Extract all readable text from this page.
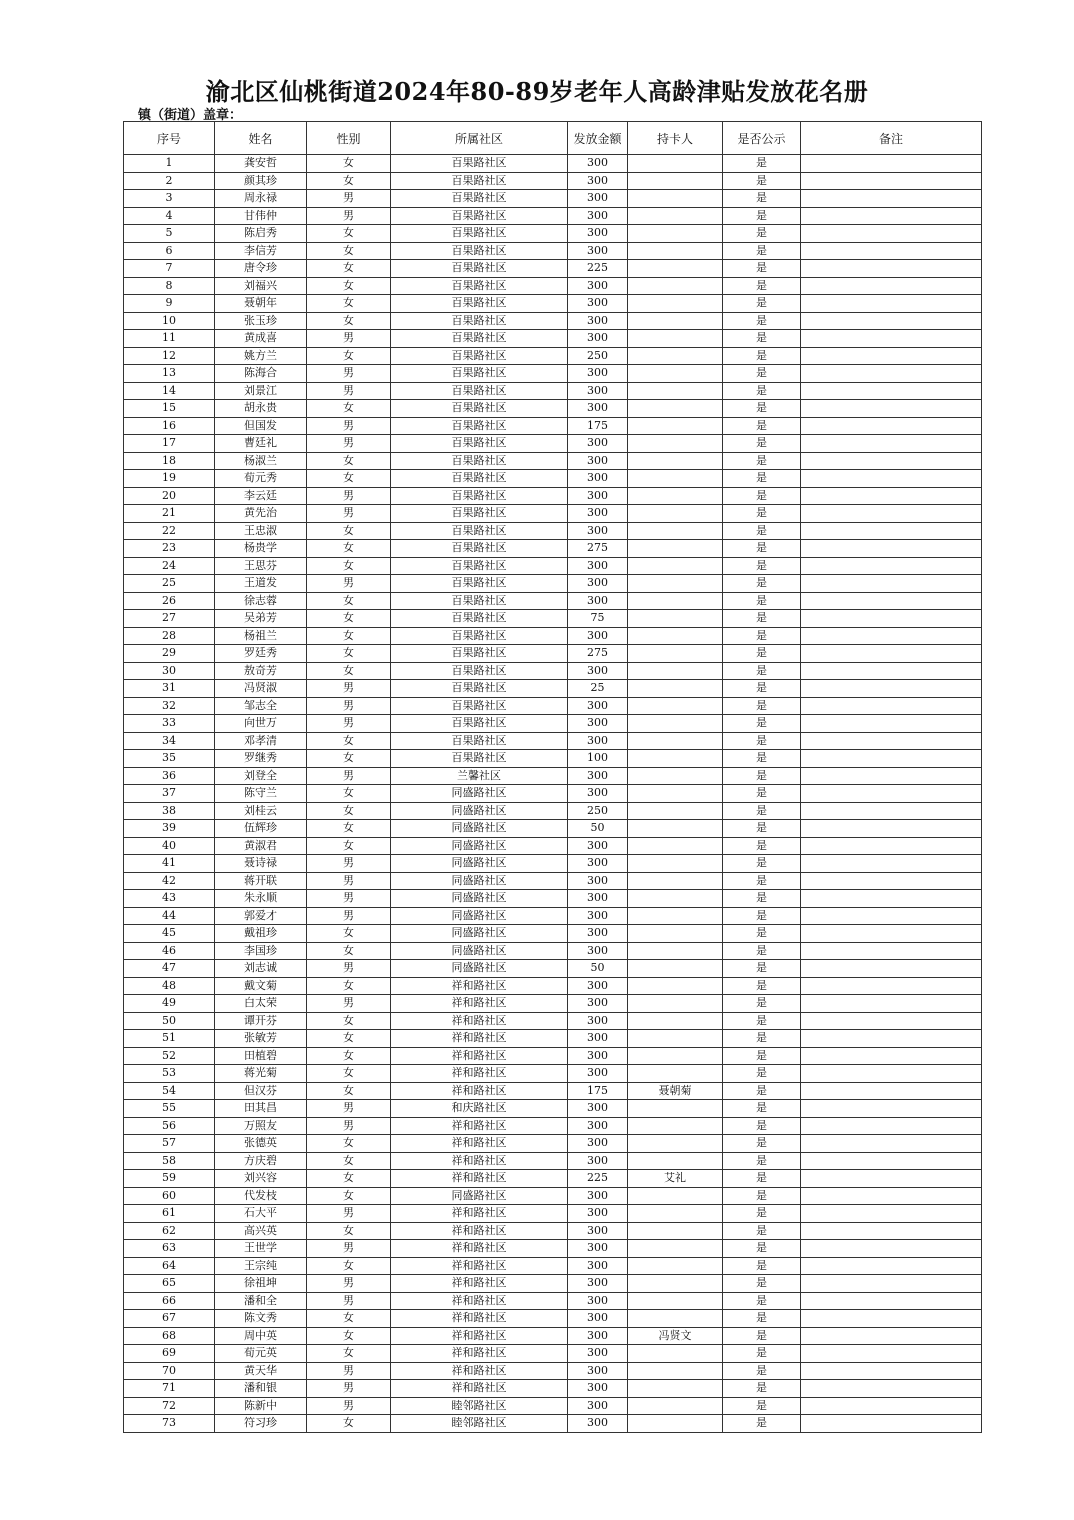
渝北区仙桃街道2024年80-89岁老年人高龄津贴发放花名册
镇（街道）盖章：
序号	姓名	性别	所属社区	发放金额	持卡人	是否公示	备注
1	龚安哲	女	百果路社区	300		是	
2	颜其珍	女	百果路社区	300		是	
3	周永禄	男	百果路社区	300		是	
4	甘伟仲	男	百果路社区	300		是	
5	陈启秀	女	百果路社区	300		是	
6	李信芳	女	百果路社区	300		是	
7	唐令珍	女	百果路社区	225		是	
8	刘福兴	女	百果路社区	300		是	
9	聂朝年	女	百果路社区	300		是	
10	张玉珍	女	百果路社区	300		是	
11	黄成喜	男	百果路社区	300		是	
12	姚方兰	女	百果路社区	250		是	
13	陈海合	男	百果路社区	300		是	
14	刘景江	男	百果路社区	300		是	
15	胡永贵	女	百果路社区	300		是	
16	但国发	男	百果路社区	175		是	
17	曹廷礼	男	百果路社区	300		是	
18	杨淑兰	女	百果路社区	300		是	
19	荀元秀	女	百果路社区	300		是	
20	李云廷	男	百果路社区	300		是	
21	黄先治	男	百果路社区	300		是	
22	王忠淑	女	百果路社区	300		是	
23	杨贵学	女	百果路社区	275		是	
24	王思芬	女	百果路社区	300		是	
25	王道发	男	百果路社区	300		是	
26	徐志蓉	女	百果路社区	300		是	
27	吴弟芳	女	百果路社区	75		是	
28	杨祖兰	女	百果路社区	300		是	
29	罗廷秀	女	百果路社区	275		是	
30	敖奇芳	女	百果路社区	300		是	
31	冯贤淑	男	百果路社区	25		是	
32	邹志全	男	百果路社区	300		是	
33	向世万	男	百果路社区	300		是	
34	邓孝清	女	百果路社区	300		是	
35	罗继秀	女	百果路社区	100		是	
36	刘登全	男	兰馨社区	300		是	
37	陈守兰	女	同盛路社区	300		是	
38	刘桂云	女	同盛路社区	250		是	
39	伍辉珍	女	同盛路社区	50		是	
40	黄淑君	女	同盛路社区	300		是	
41	聂诗禄	男	同盛路社区	300		是	
42	蒋开联	男	同盛路社区	300		是	
43	朱永顺	男	同盛路社区	300		是	
44	郭爱才	男	同盛路社区	300		是	
45	戴祖珍	女	同盛路社区	300		是	
46	李国珍	女	同盛路社区	300		是	
47	刘志诚	男	同盛路社区	50		是	
48	戴文菊	女	祥和路社区	300		是	
49	白太荣	男	祥和路社区	300		是	
50	谭开芬	女	祥和路社区	300		是	
51	张敏芳	女	祥和路社区	300		是	
52	田植碧	女	祥和路社区	300		是	
53	蒋光菊	女	祥和路社区	300		是	
54	但汉芬	女	祥和路社区	175	聂朝菊	是	
55	田其昌	男	和庆路社区	300		是	
56	万照友	男	祥和路社区	300		是	
57	张德英	女	祥和路社区	300		是	
58	方庆碧	女	祥和路社区	300		是	
59	刘兴容	女	祥和路社区	225	艾礼	是	
60	代发枝	女	同盛路社区	300		是	
61	石大平	男	祥和路社区	300		是	
62	高兴英	女	祥和路社区	300		是	
63	王世学	男	祥和路社区	300		是	
64	王宗纯	女	祥和路社区	300		是	
65	徐祖坤	男	祥和路社区	300		是	
66	潘和全	男	祥和路社区	300		是	
67	陈文秀	女	祥和路社区	300		是	
68	周中英	女	祥和路社区	300	冯贤文	是	
69	荀元英	女	祥和路社区	300		是	
70	黄天华	男	祥和路社区	300		是	
71	潘和银	男	祥和路社区	300		是	
72	陈新中	男	睦邻路社区	300		是	
73	符习珍	女	睦邻路社区	300		是	
